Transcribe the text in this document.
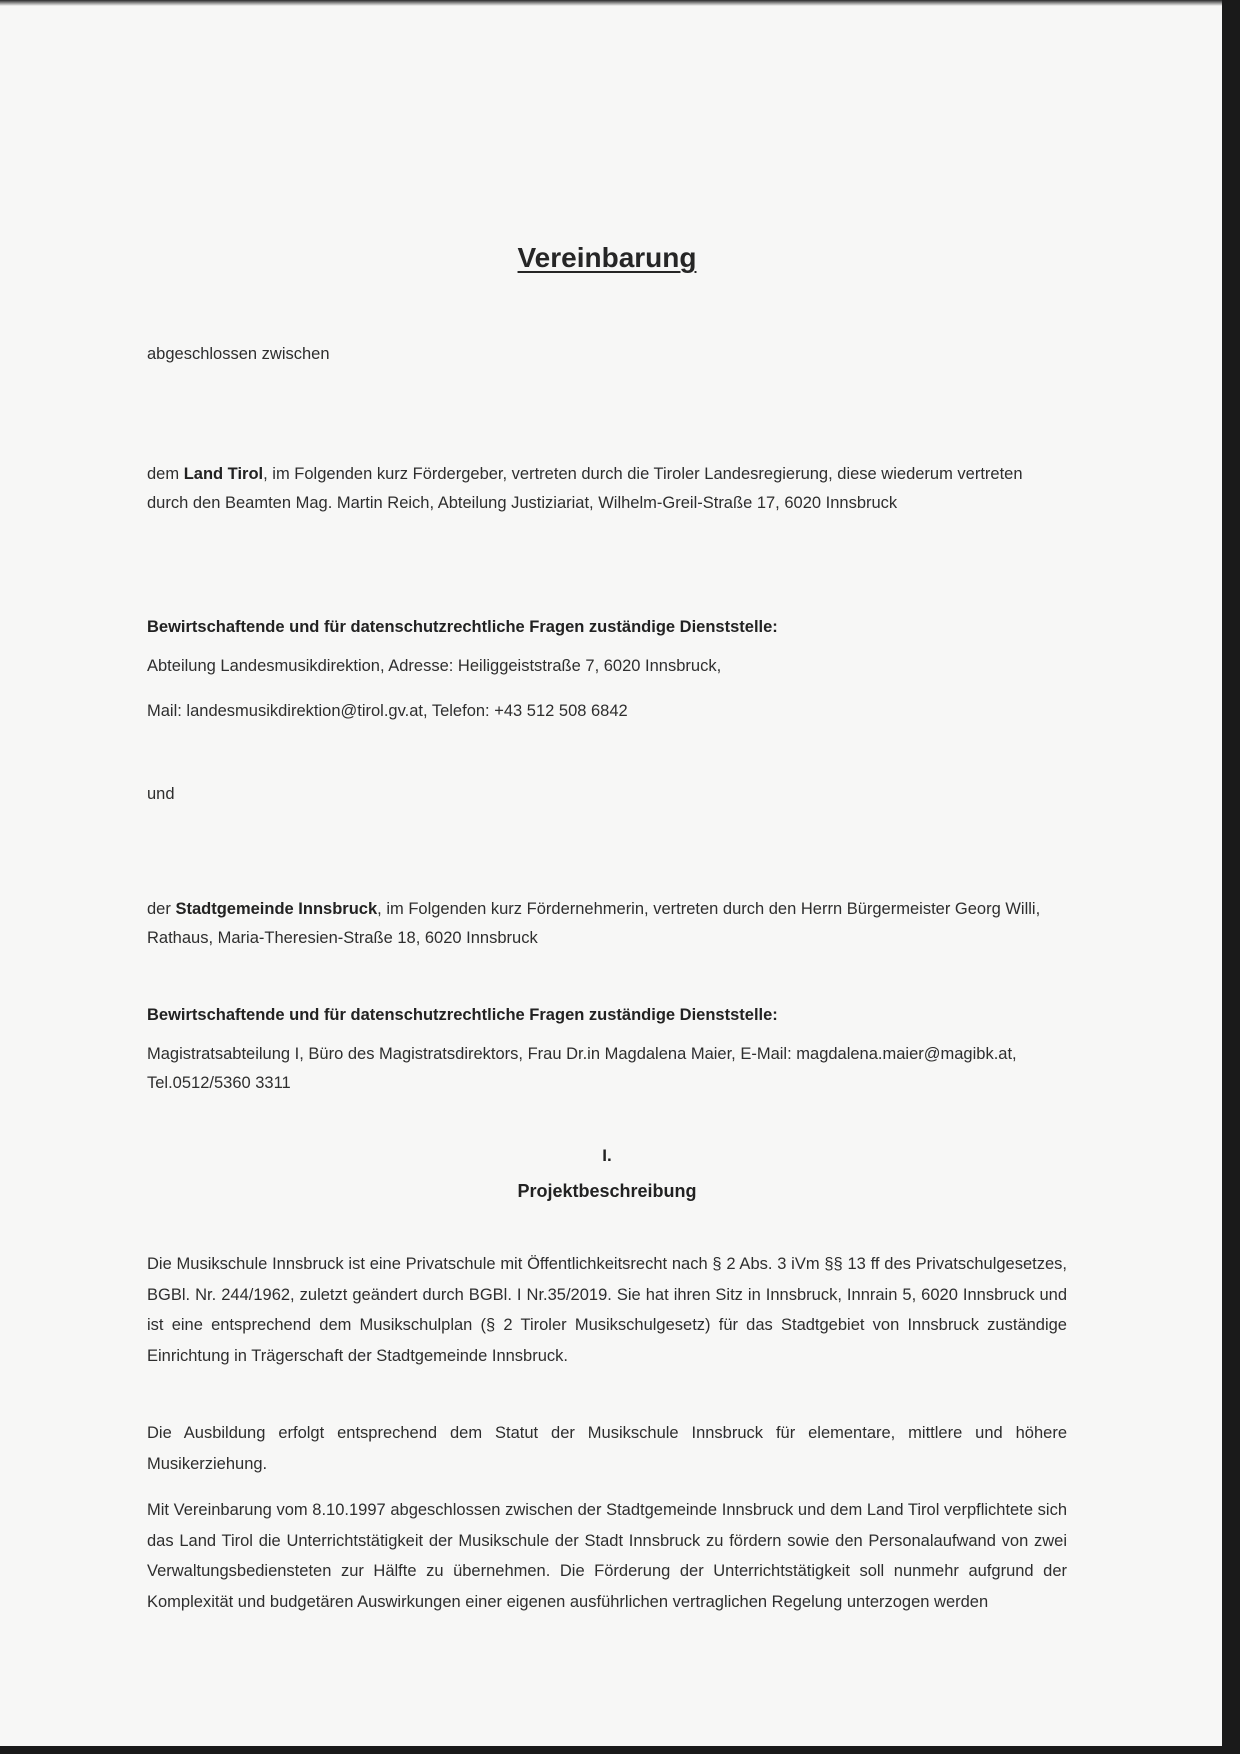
Vereinbarung

abgeschlossen zwischen

dem Land Tirol, im Folgenden kurz Fördergeber, vertreten durch die Tiroler Landesregierung, diese wiederum vertreten durch den Beamten Mag. Martin Reich, Abteilung Justiziariat, Wilhelm-Greil-Straße 17, 6020 Innsbruck

Bewirtschaftende und für datenschutzrechtliche Fragen zuständige Dienststelle:

Abteilung Landesmusikdirektion, Adresse: Heiliggeiststraße 7, 6020 Innsbruck,

Mail: landesmusikdirektion@tirol.gv.at, Telefon: +43 512 508 6842

und

der Stadtgemeinde Innsbruck, im Folgenden kurz Fördernehmerin, vertreten durch den Herrn Bürgermeister Georg Willi, Rathaus, Maria-Theresien-Straße 18, 6020 Innsbruck

Bewirtschaftende und für datenschutzrechtliche Fragen zuständige Dienststelle:

Magistratsabteilung I, Büro des Magistratsdirektors, Frau Dr.in Magdalena Maier, E-Mail: magdalena.maier@magibk.at, Tel.0512/5360 3311

I.
Projektbeschreibung

Die Musikschule Innsbruck ist eine Privatschule mit Öffentlichkeitsrecht nach § 2 Abs. 3 iVm §§ 13 ff des Privatschulgesetzes, BGBl. Nr. 244/1962, zuletzt geändert durch BGBl. I Nr.35/2019. Sie hat ihren Sitz in Innsbruck, Innrain 5, 6020 Innsbruck und ist eine entsprechend dem Musikschulplan (§ 2 Tiroler Musikschulgesetz) für das Stadtgebiet von Innsbruck zuständige Einrichtung in Trägerschaft der Stadtgemeinde Innsbruck.

Die Ausbildung erfolgt entsprechend dem Statut der Musikschule Innsbruck für elementare, mittlere und höhere Musikerziehung.

Mit Vereinbarung vom 8.10.1997 abgeschlossen zwischen der Stadtgemeinde Innsbruck und dem Land Tirol verpflichtete sich das Land Tirol die Unterrichtstätigkeit der Musikschule der Stadt Innsbruck zu fördern sowie den Personalaufwand von zwei Verwaltungsbediensteten zur Hälfte zu übernehmen. Die Förderung der Unterrichtstätigkeit soll nunmehr aufgrund der Komplexität und budgetären Auswirkungen einer eigenen ausführlichen vertraglichen Regelung unterzogen werden
